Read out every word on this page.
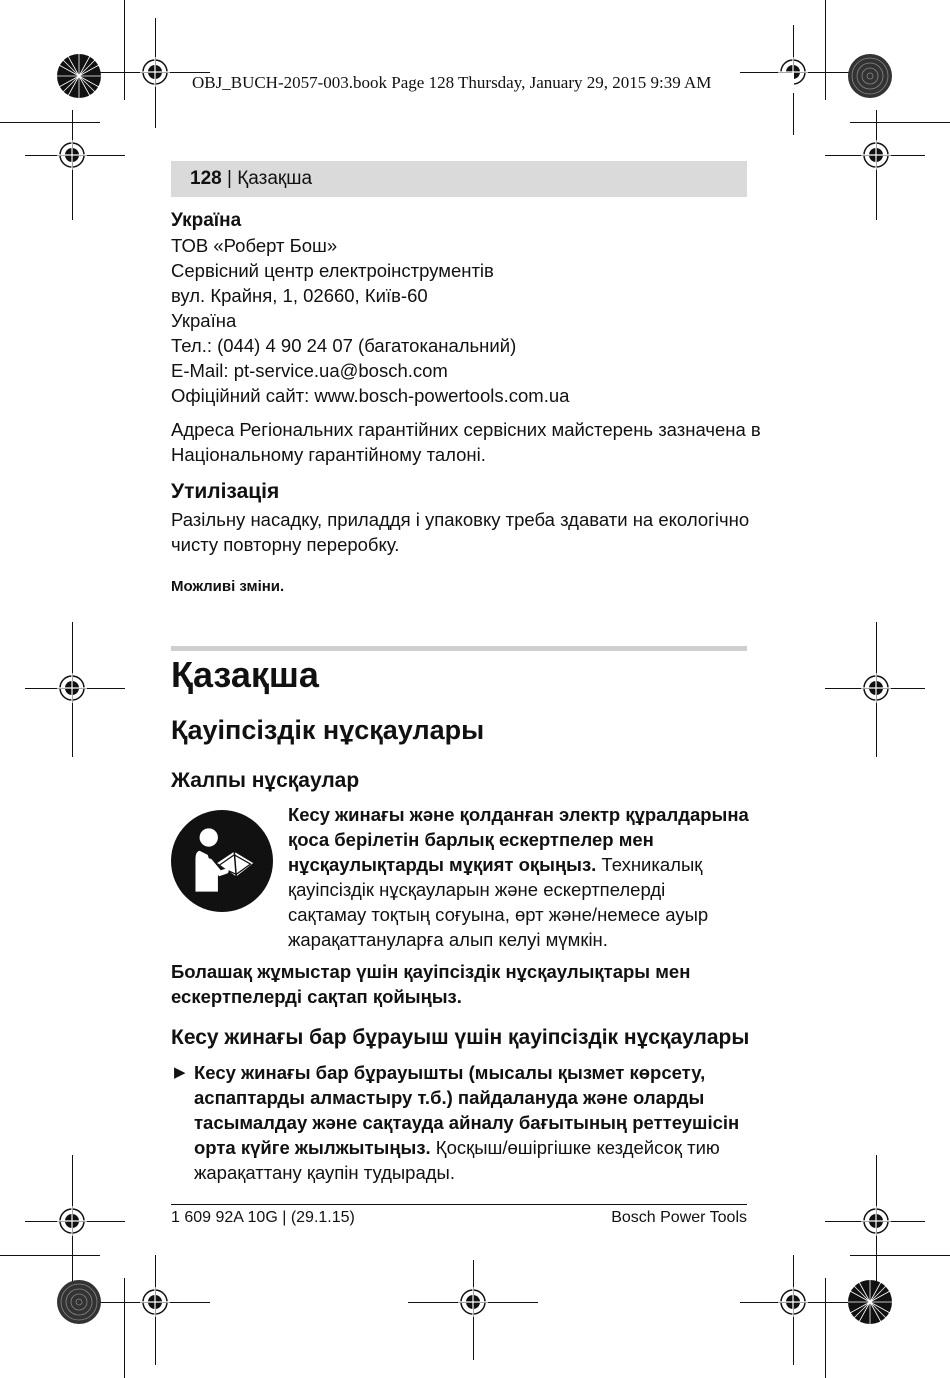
OBJ_BUCH-2057-003.book Page 128 Thursday, January 29, 2015 9:39 AM
128 | Қазақша
Україна
ТОВ «Роберт Бош»
Сервісний центр електроінструментів
вул. Крайня, 1, 02660, Київ-60
Україна
Тел.: (044) 4 90 24 07 (багатоканальний)
E-Mail: pt-service.ua@bosch.com
Офіційний сайт: www.bosch-powertools.com.ua
Адреса Регіональних гарантійних сервісних майстерень зазначена в
Національному гарантійному талоні.
Утилізація
Разільну насадку, приладдя і упаковку треба здавати на екологічно
чисту повторну переробку.
Можливі зміни.
Қазақша
Қауіпсіздік нұсқаулары
Жалпы нұсқаулар
Кесу жинағы және қолданған электр құралдарына
қоса берілетін барлық ескертпелер мен
нұсқаулықтарды мұқият оқыңыз. Техникалық
қауіпсіздік нұсқауларын және ескертпелерді
сақтамау тоқтың соғуына, өрт және/немесе ауыр
жарақаттануларға алып келуі мүмкін.
Болашақ жұмыстар үшін қауіпсіздік нұсқаулықтары мен
ескертпелерді сақтап қойыңыз.
Кесу жинағы бар бұрауыш үшін қауіпсіздік нұсқаулары
▶ Кесу жинағы бар бұрауышты (мысалы қызмет көрсету,
аспаптарды алмастыру т.б.) пайдалануда және оларды
тасымалдау және сақтауда айналу бағытының реттеушісін
орта күйге жылжытыңыз. Қосқыш/өшіргішке кездейсоқ тию
жарақаттану қаупін тудырады.
1 609 92A 10G | (29.1.15)	Bosch Power Tools
